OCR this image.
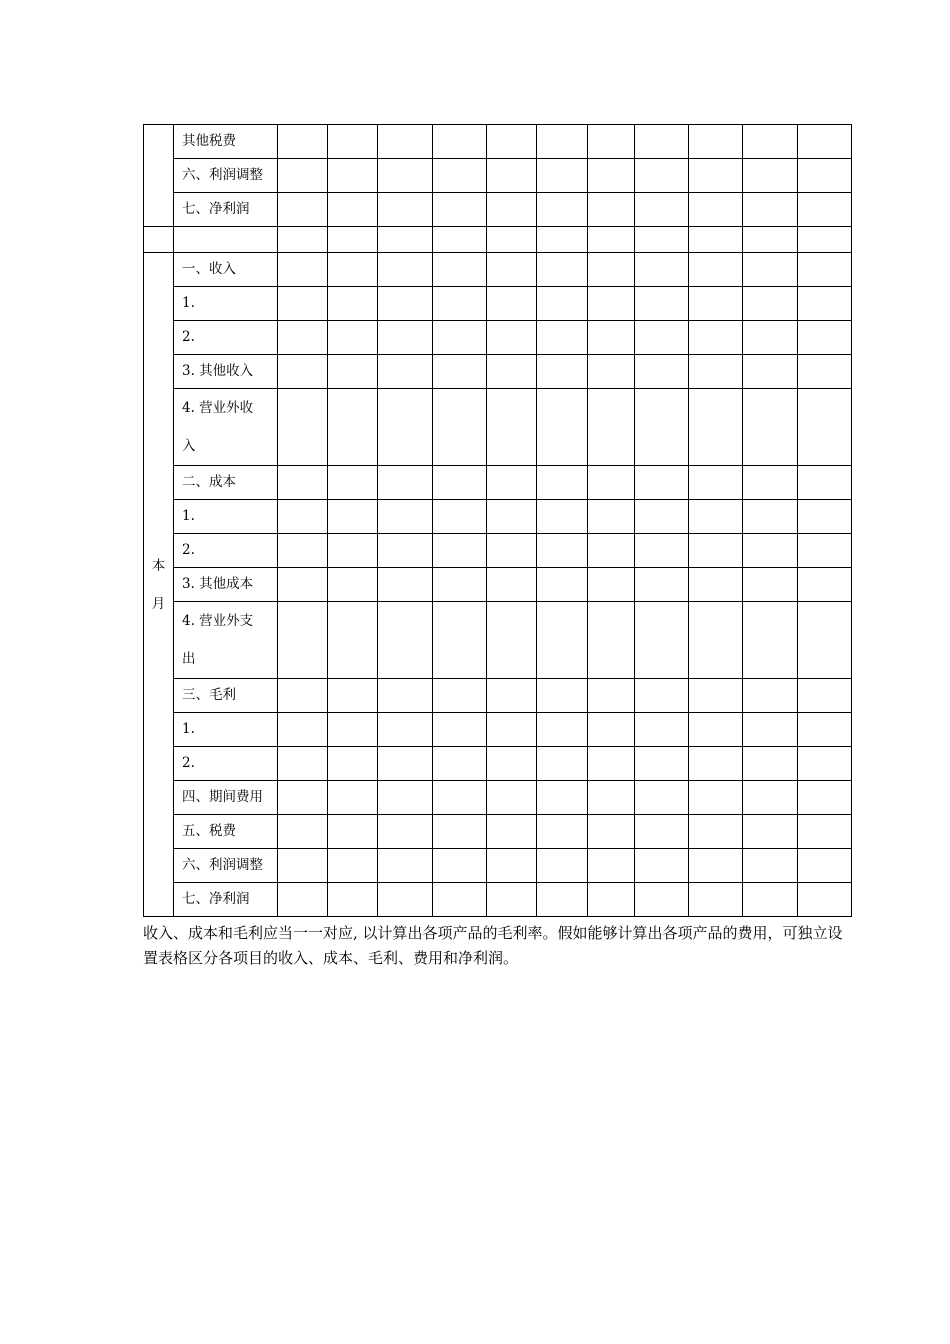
	其他税费											
	六、利润调整											
	七、净利润											

本月	一、收入											
	1.											
	2.											
	3. 其他收入											
	4. 营业外收入											
	二、成本											
	1.											
	2.											
	3. 其他成本											
	4. 营业外支出											
	三、毛利											
	1.											
	2.											
	四、期间费用											
	五、税费											
	六、利润调整											
	七、净利润											

收入、成本和毛利应当一一对应, 以计算出各项产品的毛利率。假如能够计算出各项产品的费用，可独立设置表格区分各项目的收入、成本、毛利、费用和净利润。
